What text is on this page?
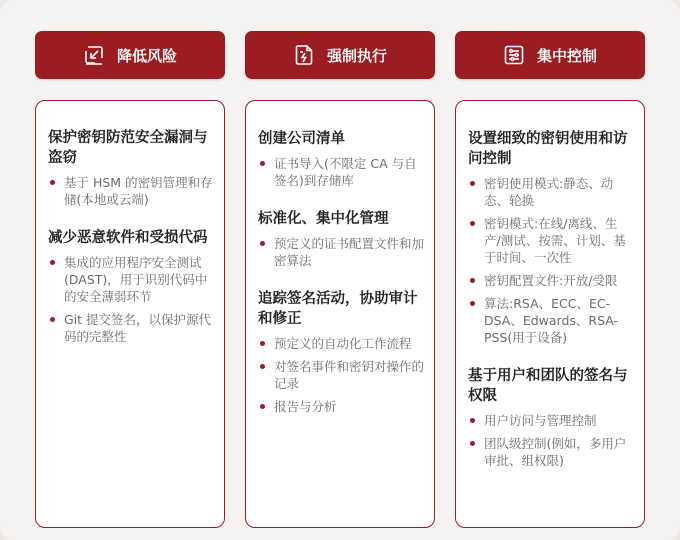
降低风险

保护密钥防范安全漏洞与盗窃

基于 HSM 的密钥管理和存储(本地或云端)

减少恶意软件和受损代码

集成的应用程序安全测试(DAST)，用于识别代码中的安全薄弱环节
Git 提交签名，以保护源代码的完整性
强制执行

创建公司清单

证书导入(不限定 CA 与自签名)到存储库

标准化、集中化管理

预定义的证书配置文件和加密算法

追踪签名活动，协助审计和修正

预定义的自动化工作流程
对签名事件和密钥对操作的记录
报告与分析
集中控制

设置细致的密钥使用和访问控制

密钥使用模式:静态、动态、轮换
密钥模式:在线/离线、生产/测试、按需、计划、基于时间、一次性
密钥配置文件:开放/受限
算法:RSA、ECC、EC-DSA、Edwards、RSA-PSS(用于设备)

基于用户和团队的签名与权限

用户访问与管理控制
团队级控制(例如，多用户审批、组权限)
